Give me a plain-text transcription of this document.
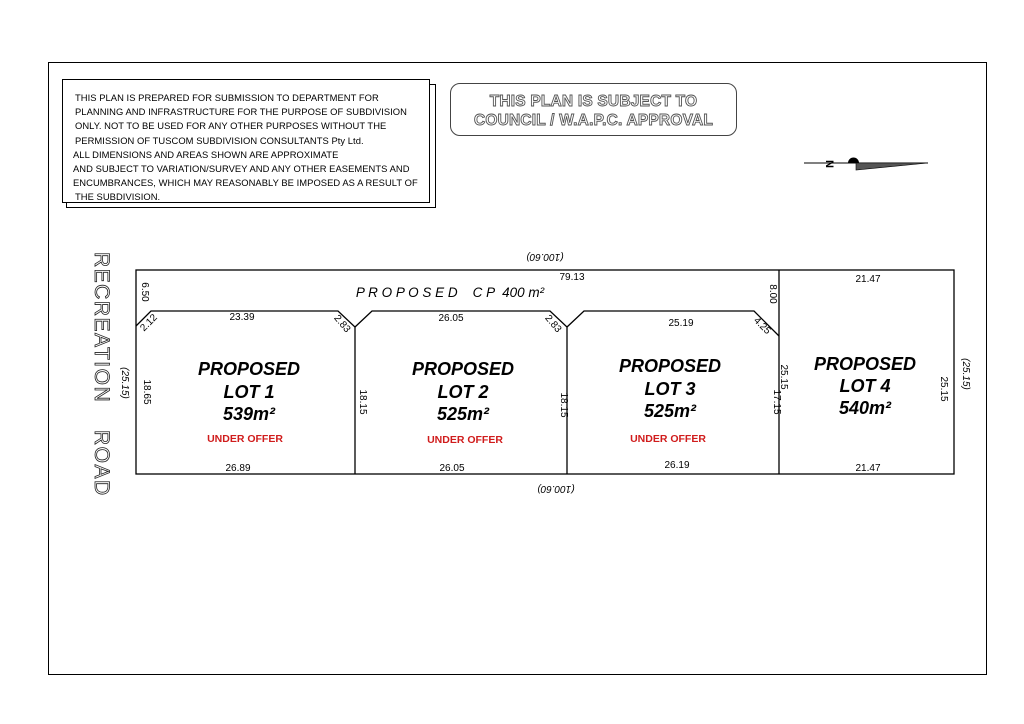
THIS PLAN IS PREPARED FOR SUBMISSION TO DEPARTMENT FOR
PLANNING AND INFRASTRUCTURE FOR THE PURPOSE OF SUBDIVISION
ONLY. NOT TO BE USED FOR ANY OTHER PURPOSES WITHOUT THE
PERMISSION OF TUSCOM SUBDIVISION CONSULTANTS Pty Ltd.
ALL DIMENSIONS AND AREAS SHOWN ARE APPROXIMATE
AND SUBJECT TO VARIATION/SURVEY AND ANY OTHER EASEMENTS AND
ENCUMBRANCES, WHICH MAY REASONABLY BE IMPOSED AS A RESULT OF
THE SUBDIVISION.
THIS PLAN IS SUBJECT TO
COUNCIL / W.A.P.C. APPROVAL
N
RECREATION
ROAD
(100.60)
(100.60)
(25.15)	(25.15)
P R O P O S E D    C P  400 m²
79.13
6.50	8.00
23.39
2.12	2.83
18.65	18.15
26.89
26.05	2.83
18.15
26.05
25.19	4.25
17.15
26.19
21.47
25.15	25.15
21.47
PROPOSED
LOT 1
539m²
UNDER OFFER
PROPOSED
LOT 2
525m²
UNDER OFFER
PROPOSED
LOT 3
525m²
UNDER OFFER
PROPOSED
LOT 4
540m²
